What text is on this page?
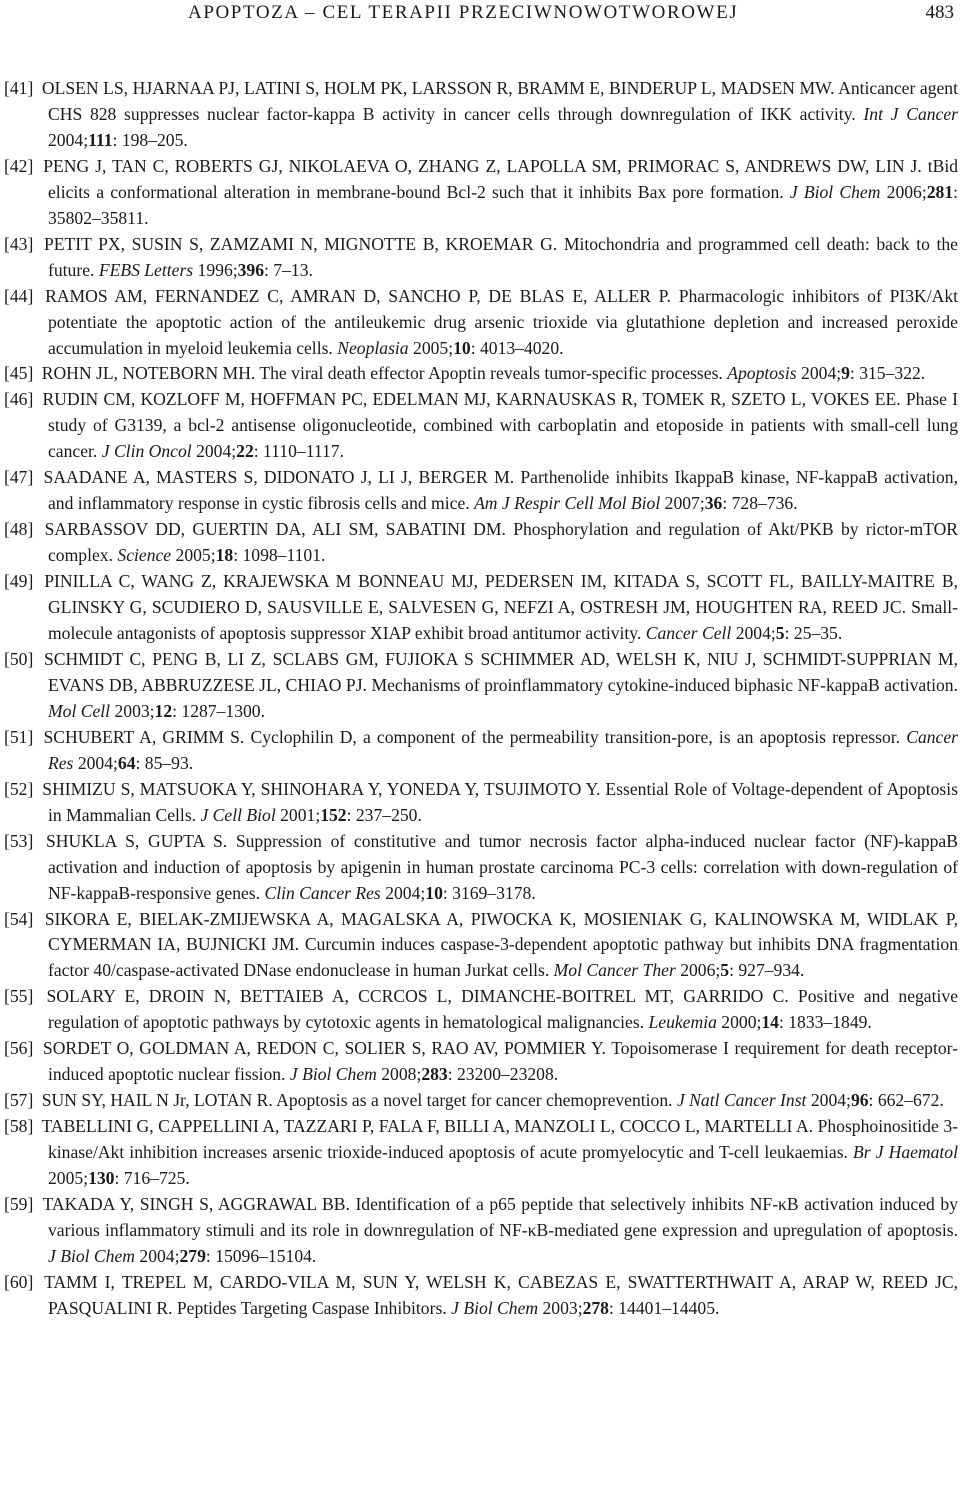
APOPTOZA – CEL TERAPII PRZECIWNOWOTWOROWEJ	483

[41] OLSEN LS, HJARNAA PJ, LATINI S, HOLM PK, LARSSON R, BRAMM E, BINDERUP L, MADSEN MW. Anticancer agent CHS 828 suppresses nuclear factor-kappa B activity in cancer cells through downregulation of IKK activity. Int J Cancer 2004;111: 198–205.

[42] PENG J, TAN C, ROBERTS GJ, NIKOLAEVA O, ZHANG Z, LAPOLLA SM, PRIMORAC S, ANDREWS DW, LIN J. tBid elicits a conformational alteration in membrane-bound Bcl-2 such that it inhibits Bax pore formation. J Biol Chem 2006;281: 35802–35811.

[43] PETIT PX, SUSIN S, ZAMZAMI N, MIGNOTTE B, KROEMAR G. Mitochondria and programmed cell death: back to the future. FEBS Letters 1996;396: 7–13.

[44] RAMOS AM, FERNANDEZ C, AMRAN D, SANCHO P, DE BLAS E, ALLER P. Pharmacologic inhibitors of PI3K/Akt potentiate the apoptotic action of the antileukemic drug arsenic trioxide via glutathione depletion and increased peroxide accumulation in myeloid leukemia cells. Neoplasia 2005;10: 4013–4020.

[45] ROHN JL, NOTEBORN MH. The viral death effector Apoptin reveals tumor-specific processes. Apoptosis 2004;9: 315–322.

[46] RUDIN CM, KOZLOFF M, HOFFMAN PC, EDELMAN MJ, KARNAUSKAS R, TOMEK R, SZETO L, VOKES EE. Phase I study of G3139, a bcl-2 antisense oligonucleotide, combined with carboplatin and etoposide in patients with small-cell lung cancer. J Clin Oncol 2004;22: 1110–1117.

[47] SAADANE A, MASTERS S, DIDONATO J, LI J, BERGER M. Parthenolide inhibits IkappaB kinase, NF-kappaB activation, and inflammatory response in cystic fibrosis cells and mice. Am J Respir Cell Mol Biol 2007;36: 728–736.

[48] SARBASSOV DD, GUERTIN DA, ALI SM, SABATINI DM. Phosphorylation and regulation of Akt/PKB by rictor-mTOR complex. Science 2005;18: 1098–1101.

[49] PINILLA C, WANG Z, KRAJEWSKA M BONNEAU MJ, PEDERSEN IM, KITADA S, SCOTT FL, BAILLY-MAITRE B, GLINSKY G, SCUDIERO D, SAUSVILLE E, SALVESEN G, NEFZI A, OSTRESH JM, HOUGHTEN RA, REED JC. Small-molecule antagonists of apoptosis suppressor XIAP exhibit broad antitumor activity. Cancer Cell 2004;5: 25–35.

[50] SCHMIDT C, PENG B, LI Z, SCLABS GM, FUJIOKA S SCHIMMER AD, WELSH K, NIU J, SCHMIDT-SUPPRIAN M, EVANS DB, ABBRUZZESE JL, CHIAO PJ. Mechanisms of proinflammatory cytokine-induced biphasic NF-kappaB activation. Mol Cell 2003;12: 1287–1300.

[51] SCHUBERT A, GRIMM S. Cyclophilin D, a component of the permeability transition-pore, is an apoptosis repressor. Cancer Res 2004;64: 85–93.

[52] SHIMIZU S, MATSUOKA Y, SHINOHARA Y, YONEDA Y, TSUJIMOTO Y. Essential Role of Voltage-dependent of Apoptosis in Mammalian Cells. J Cell Biol 2001;152: 237–250.

[53] SHUKLA S, GUPTA S. Suppression of constitutive and tumor necrosis factor alpha-induced nuclear factor (NF)-kappaB activation and induction of apoptosis by apigenin in human prostate carcinoma PC-3 cells: correlation with down-regulation of NF-kappaB-responsive genes. Clin Cancer Res 2004;10: 3169–3178.

[54] SIKORA E, BIELAK-ZMIJEWSKA A, MAGALSKA A, PIWOCKA K, MOSIENIAK G, KALINOWSKA M, WIDLAK P, CYMERMAN IA, BUJNICKI JM. Curcumin induces caspase-3-dependent apoptotic pathway but inhibits DNA fragmentation factor 40/caspase-activated DNase endonuclease in human Jurkat cells. Mol Cancer Ther 2006;5: 927–934.

[55] SOLARY E, DROIN N, BETTAIEB A, CCRCOS L, DIMANCHE-BOITREL MT, GARRIDO C. Positive and negative regulation of apoptotic pathways by cytotoxic agents in hematological malignancies. Leukemia 2000;14: 1833–1849.

[56] SORDET O, GOLDMAN A, REDON C, SOLIER S, RAO AV, POMMIER Y. Topoisomerase I requirement for death receptor-induced apoptotic nuclear fission. J Biol Chem 2008;283: 23200–23208.

[57] SUN SY, HAIL N Jr, LOTAN R. Apoptosis as a novel target for cancer chemoprevention. J Natl Cancer Inst 2004;96: 662–672.

[58] TABELLINI G, CAPPELLINI A, TAZZARI P, FALA F, BILLI A, MANZOLI L, COCCO L, MARTELLI A. Phosphoinositide 3-kinase/Akt inhibition increases arsenic trioxide-induced apoptosis of acute promyelocytic and T-cell leukaemias. Br J Haematol 2005;130: 716–725.

[59] TAKADA Y, SINGH S, AGGRAWAL BB. Identification of a p65 peptide that selectively inhibits NF-κB activation induced by various inflammatory stimuli and its role in downregulation of NF-κB-mediated gene expression and upregulation of apoptosis. J Biol Chem 2004;279: 15096–15104.

[60] TAMM I, TREPEL M, CARDO-VILA M, SUN Y, WELSH K, CABEZAS E, SWATTERTHWAIT A, ARAP W, REED JC, PASQUALINI R. Peptides Targeting Caspase Inhibitors. J Biol Chem 2003;278: 14401–14405.
